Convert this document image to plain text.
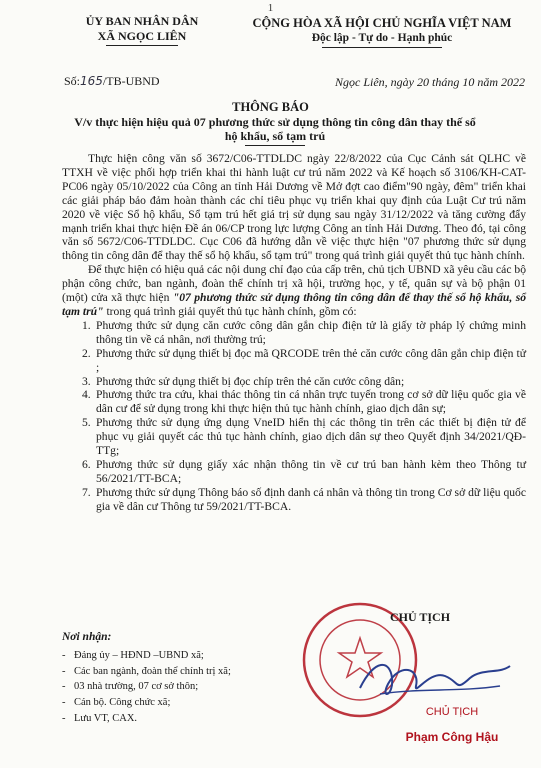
1
ỦY BAN NHÂN DÂN
XÃ NGỌC LIÊN
CỘNG HÒA XÃ HỘI CHỦ NGHĨA VIỆT NAM
Độc lập - Tự do - Hạnh phúc
Số:165/TB-UBND	Ngọc Liên, ngày 20 tháng 10 năm 2022
THÔNG BÁO
V/v thực hiện hiệu quả 07 phương thức sử dụng thông tin công dân thay thế sổ hộ khẩu, sổ tạm trú

Thực hiện công văn số 3672/C06-TTDLDC ngày 22/8/2022 của Cục Cảnh sát QLHC về TTXH về việc phối hợp triển khai thi hành luật cư trú năm 2022 và Kế hoạch số 3106/KH-CAT-PC06 ngày 05/10/2022 của Công an tỉnh Hải Dương về Mở đợt cao điểm"90 ngày, đêm" triển khai các giải pháp bảo đảm hoàn thành các chỉ tiêu phục vụ triển khai quy định của Luật Cư trú năm 2020 về việc Sổ hộ khẩu, Sổ tạm trú hết giá trị sử dụng sau ngày 31/12/2022 và tăng cường đẩy mạnh triển khai thực hiện Đề án 06/CP trong lực lượng Công an tỉnh Hải Dương. Theo đó, tại công văn số 5672/C06-TTDLDC. Cục C06 đã hướng dẫn về việc thực hiện "07 phương thức sử dụng thông tin công dân để thay thế sổ hộ khẩu, sổ tạm trú" trong quá trình giải quyết thủ tục hành chính.

Để thực hiện có hiệu quả các nội dung chỉ đạo của cấp trên, chủ tịch UBND xã yêu cầu các bộ phận công chức, ban ngành, đoàn thể chính trị xã hội, trường học, y tế, quân sự và bộ phận 01 (một) cửa xã thực hiện "07 phương thức sử dụng thông tin công dân để thay thế sổ hộ khẩu, sổ tạm trú" trong quá trình giải quyết thủ tục hành chính, gồm có:

1. Phương thức sử dụng căn cước công dân gắn chip điện tử là giấy tờ pháp lý chứng minh thông tin về cá nhân, nơi thường trú;
2. Phương thức sử dụng thiết bị đọc mã QRCODE trên thẻ căn cước công dân gắn chip điện tử ;
3. Phương thức sử dụng thiết bị đọc chíp trên thẻ căn cước công dân;
4. Phương thức tra cứu, khai thác thông tin cá nhân trực tuyến trong cơ sở dữ liệu quốc gia về dân cư để sử dụng trong khi thực hiện thủ tục hành chính, giao dịch dân sự;
5. Phương thức sử dụng ứng dụng VneID hiển thị các thông tin trên các thiết bị điện tử để phục vụ giải quyết các thủ tục hành chính, giao dịch dân sự theo Quyết định 34/2021/QĐ-TTg;
6. Phương thức sử dụng giấy xác nhận thông tin về cư trú ban hành kèm theo Thông tư 56/2021/TT-BCA;
7. Phương thức sử dụng Thông báo số định danh cá nhân và thông tin trong Cơ sở dữ liệu quốc gia về dân cư Thông tư 59/2021/TT-BCA.
Nơi nhận:
- Đảng ủy – HĐND –UBND xã;
- Các ban ngành, đoàn thể chính trị xã;
- 03 nhà trường, 07 cơ sở thôn;
- Cán bộ. Công chức xã;
- Lưu VT, CAX.
CHỦ TỊCH
CHỦ TỊCH
Phạm Công Hậu
